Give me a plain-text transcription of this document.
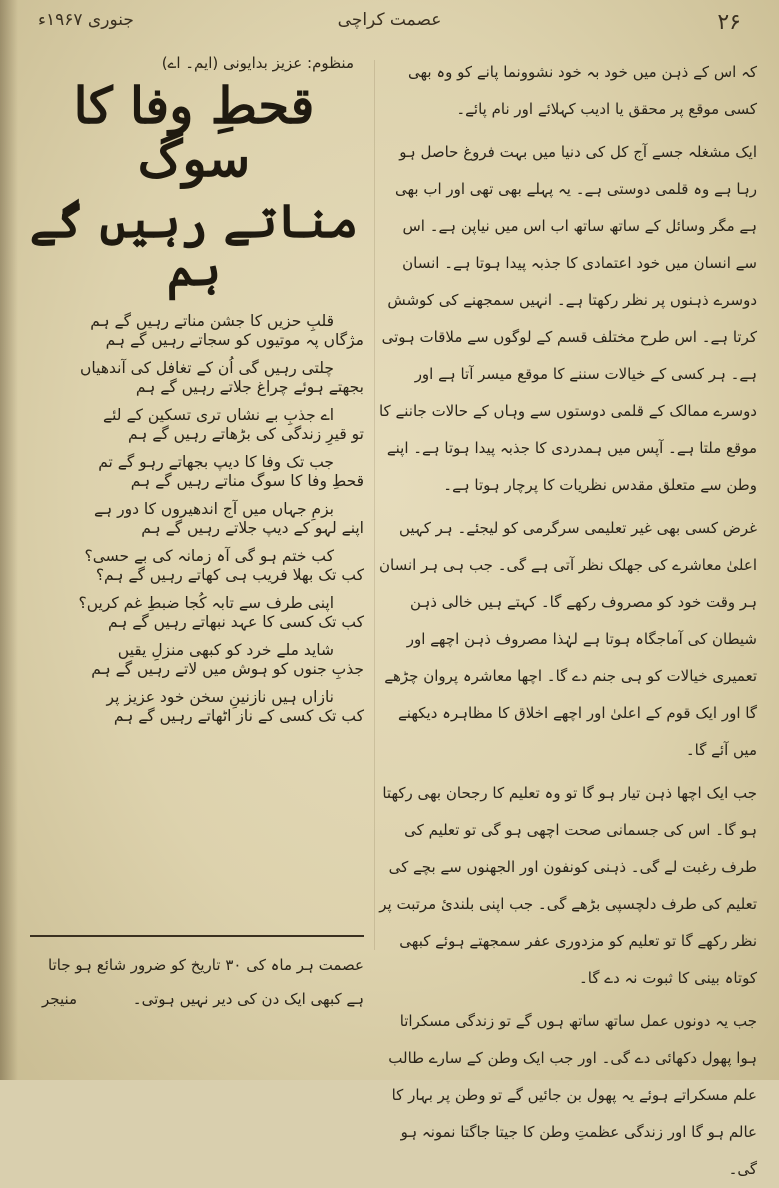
۲۶
عصمت کراچی
جنوری ۱۹۶۷ء

کہ اس کے ذہن میں خود بہ خود نشوونما پانے کو وہ بھی کسی موقع پر محقق یا ادیب کہلائے اور نام پائے۔

ایک مشغلہ جسے آج کل کی دنیا میں بہت فروغ حاصل ہو رہا ہے وہ قلمی دوستی ہے۔ یہ پہلے بھی تھی اور اب بھی ہے مگر وسائل کے ساتھ ساتھ اب اس میں نیاپن ہے۔ اس سے انسان میں خود اعتمادی کا جذبہ پیدا ہوتا ہے۔ انسان دوسرے ذہنوں پر نظر رکھتا ہے۔ انہیں سمجھنے کی کوشش کرتا ہے۔ اس طرح مختلف قسم کے لوگوں سے ملاقات ہوتی ہے۔ ہر کسی کے خیالات سننے کا موقع میسر آتا ہے اور دوسرے ممالک کے قلمی دوستوں سے وہاں کے حالات جاننے کا موقع ملتا ہے۔ آپس میں ہمدردی کا جذبہ پیدا ہوتا ہے۔ اپنے وطن سے متعلق مقدس نظریات کا پرچار ہوتا ہے۔

غرض کسی بھی غیر تعلیمی سرگرمی کو لیجئے۔ ہر کہیں اعلیٰ معاشرے کی جھلک نظر آتی ہے گی۔ جب ہی ہر انسان ہر وقت خود کو مصروف رکھے گا۔ کہتے ہیں خالی ذہن شیطان کی آماجگاہ ہوتا ہے لہٰذا مصروف ذہن اچھے اور تعمیری خیالات کو ہی جنم دے گا۔ اچھا معاشرہ پروان چڑھے گا اور ایک قوم کے اعلیٰ اور اچھے اخلاق کا مظاہرہ دیکھنے میں آئے گا۔

جب ایک اچھا ذہن تیار ہو گا تو وہ تعلیم کا رجحان بھی رکھتا ہو گا۔ اس کی جسمانی صحت اچھی ہو گی تو تعلیم کی طرف رغبت لے گی۔ ذہنی کونفون اور الجھنوں سے بچے کی تعلیم کی طرف دلچسپی بڑھے گی۔ جب اپنی بلندئ مرتبت پر نظر رکھے گا تو تعلیم کو مزدوری عفر سمجھتے ہوئے کبھی کوتاہ بینی کا ثبوت نہ دے گا۔

جب یہ دونوں عمل ساتھ ساتھ ہوں گے تو زندگی مسکراتا ہوا پھول دکھائی دے گی۔ اور جب ایک وطن کے سارے طالب علم مسکراتے ہوئے یہ پھول بن جائیں گے تو وطن پر بہار کا عالم ہو گا اور زندگی عظمتِ وطن کا جیتا جاگتا نمونہ ہو گی۔

منظوم: عزیز بدایونی (ایم۔ اے)
قحطِ وفا کا سوگ
مناتے رہیں گے ہم

قلبِ حزیں کا جشن مناتے رہیں گے ہم

مژگاں پہ موتیوں کو سجاتے رہیں گے ہم

چلتی رہیں گی اُن کے تغافل کی آندھیاں

بجھتے ہوئے چراغ جلاتے رہیں گے ہم

اے جذبِ بے نشاں تری تسکین کے لئے

تو قیرِ زندگی کی بڑھاتے رہیں گے ہم

جب تک وفا کا دیپ بجھاتے رہو گے تم

قحطِ وفا کا سوگ مناتے رہیں گے ہم

بزمِ جہاں میں آج اندھیروں کا دور ہے

اپنے لہو کے دیپ جلاتے رہیں گے ہم

کب ختم ہو گی آہ زمانہ کی بے حسی؟

کب تک بھلا فریب ہی کھاتے رہیں گے ہم؟

اپنی طرف سے تابہ کُجا ضبطِ غم کریں؟

کب تک کسی کا عہد نبھاتے رہیں گے ہم

شاید ملے خرد کو کبھی منزلِ یقیں

جذبِ جنوں کو ہوش میں لاتے رہیں گے ہم

نازاں ہیں نازنینِ سخن خود عزیز پر

کب تک کسی کے ناز اٹھاتے رہیں گے ہم

عصمت ہر ماہ کی ۳۰ تاریخ کو ضرور شائع ہو جاتا ہے کبھی ایک دن کی دیر نہیں ہوتی۔
منیجر
